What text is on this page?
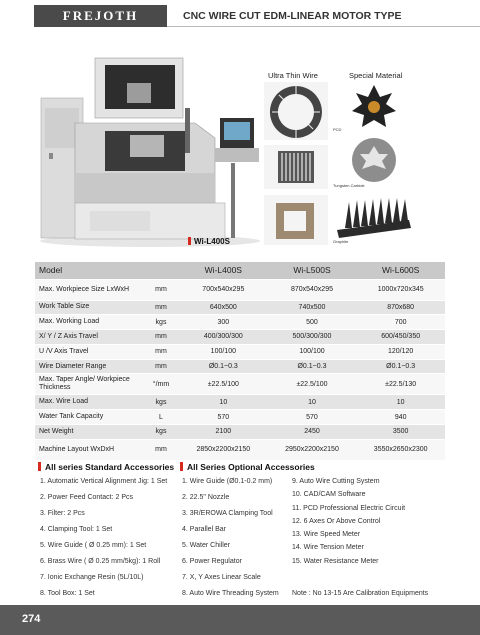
FREJOTH	CNC WIRE CUT EDM-LINEAR MOTOR TYPE
Wi-L400S
Ultra Thin Wire	Special Material
PCD
Tungsten Carbide
Graphite
Model		Wi-L400S	Wi-L500S	Wi-L600S
Max. Workpiece Size LxWxH	mm	700x540x295	870x540x295	1000x720x345
Work Table Size	mm	640x500	740x500	870x680
Max. Working Load	kgs	300	500	700
X/ Y / Z Axis Travel	mm	400/300/300	500/300/300	600/450/350
U /V Axis Travel	mm	100/100	100/100	120/120
Wire Diameter Range	mm	Ø0.1~0.3	Ø0.1~0.3	Ø0.1~0.3
Max. Taper Angle/ Workpiece Thickness	°/mm	±22.5/100	±22.5/100	±22.5/130
Max. Wire Load	kgs	10	10	10
Water Tank Capacity	L	570	570	940
Net Weight	kgs	2100	2450	3500
Machine Layout WxDxH	mm	2850x2200x2150	2950x2200x2150	3550x2650x2300
All series Standard Accessories
1. Automatic Vertical Alignment Jig: 1 Set
2. Power Feed Contact: 2 Pcs
3. Filter: 2 Pcs
4. Clamping Tool: 1 Set
5. Wire Guide ( Ø 0.25 mm): 1 Set
6. Brass Wire ( Ø 0.25 mm/5kg): 1 Roll
7. Ionic Exchange Resin (5L/10L)
8. Tool Box: 1 Set
All Series Optional Accessories
1. Wire Guide (Ø0.1-0.2 mm)
2. 22.5" Nozzle
3. 3R/EROWA Clamping Tool
4. Parallel Bar
5. Water Chiller
6. Power Regulator
7. X, Y Axes Linear Scale
8. Auto Wire Threading System
9. Auto Wire Cutting System
10. CAD/CAM Software
11. PCD Professional Electric Circuit
12. 6 Axes Or Above Control
13. Wire Speed Meter
14. Wire Tension Meter
15. Water Resistance Meter
Note : No 13-15 Are Calibration Equipments
274
